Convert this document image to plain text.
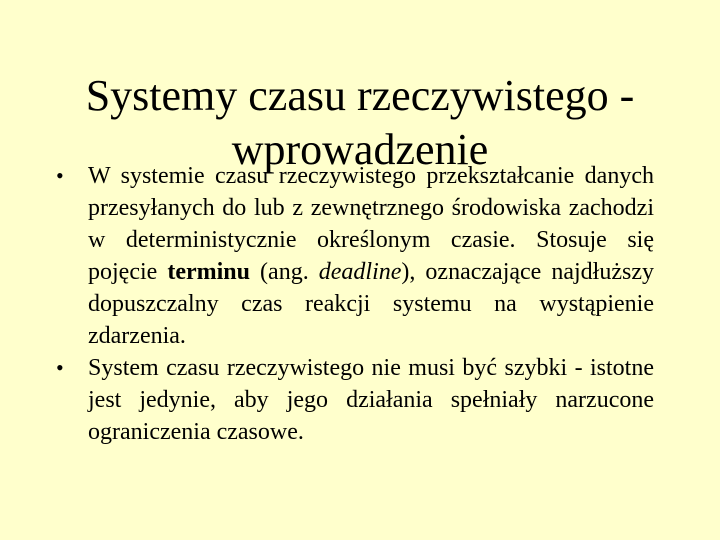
Systemy czasu rzeczywistego -
wprowadzenie
•	W systemie czasu rzeczywistego przekształcanie danych przesyłanych do lub z zewnętrznego środowiska zachodzi w deterministycznie określonym czasie. Stosuje się pojęcie terminu (ang. deadline), oznaczające najdłuższy dopuszczalny czas reakcji systemu na wystąpienie zdarzenia.
•	System czasu rzeczywistego nie musi być szybki - istotne jest jedynie, aby jego działania spełniały narzucone ograniczenia czasowe.
